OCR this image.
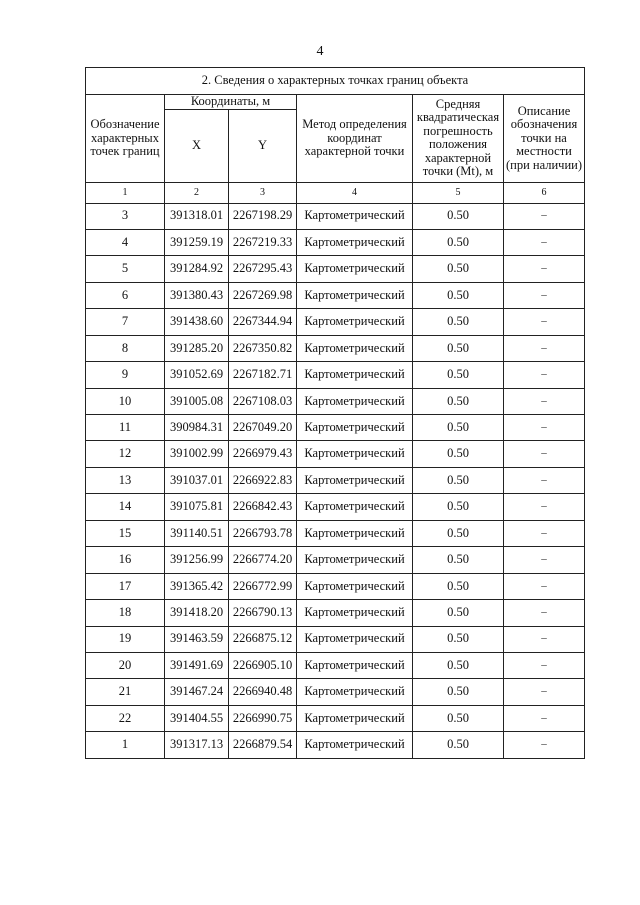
4
2. Сведения о характерных точках границ объекта					
Обозначение характерных точек границ	Координаты, м		Метод определения координат характерной точки	Средняя квадратическая погрешность положения характерной точки (Mt), м	Описание обозначения точки на местности (при наличии)
	X	Y			
1	2	3	4	5	6
3	391318.01	2267198.29	Картометрический	0.50	–
4	391259.19	2267219.33	Картометрический	0.50	–
5	391284.92	2267295.43	Картометрический	0.50	–
6	391380.43	2267269.98	Картометрический	0.50	–
7	391438.60	2267344.94	Картометрический	0.50	–
8	391285.20	2267350.82	Картометрический	0.50	–
9	391052.69	2267182.71	Картометрический	0.50	–
10	391005.08	2267108.03	Картометрический	0.50	–
11	390984.31	2267049.20	Картометрический	0.50	–
12	391002.99	2266979.43	Картометрический	0.50	–
13	391037.01	2266922.83	Картометрический	0.50	–
14	391075.81	2266842.43	Картометрический	0.50	–
15	391140.51	2266793.78	Картометрический	0.50	–
16	391256.99	2266774.20	Картометрический	0.50	–
17	391365.42	2266772.99	Картометрический	0.50	–
18	391418.20	2266790.13	Картометрический	0.50	–
19	391463.59	2266875.12	Картометрический	0.50	–
20	391491.69	2266905.10	Картометрический	0.50	–
21	391467.24	2266940.48	Картометрический	0.50	–
22	391404.55	2266990.75	Картометрический	0.50	–
1	391317.13	2266879.54	Картометрический	0.50	–
